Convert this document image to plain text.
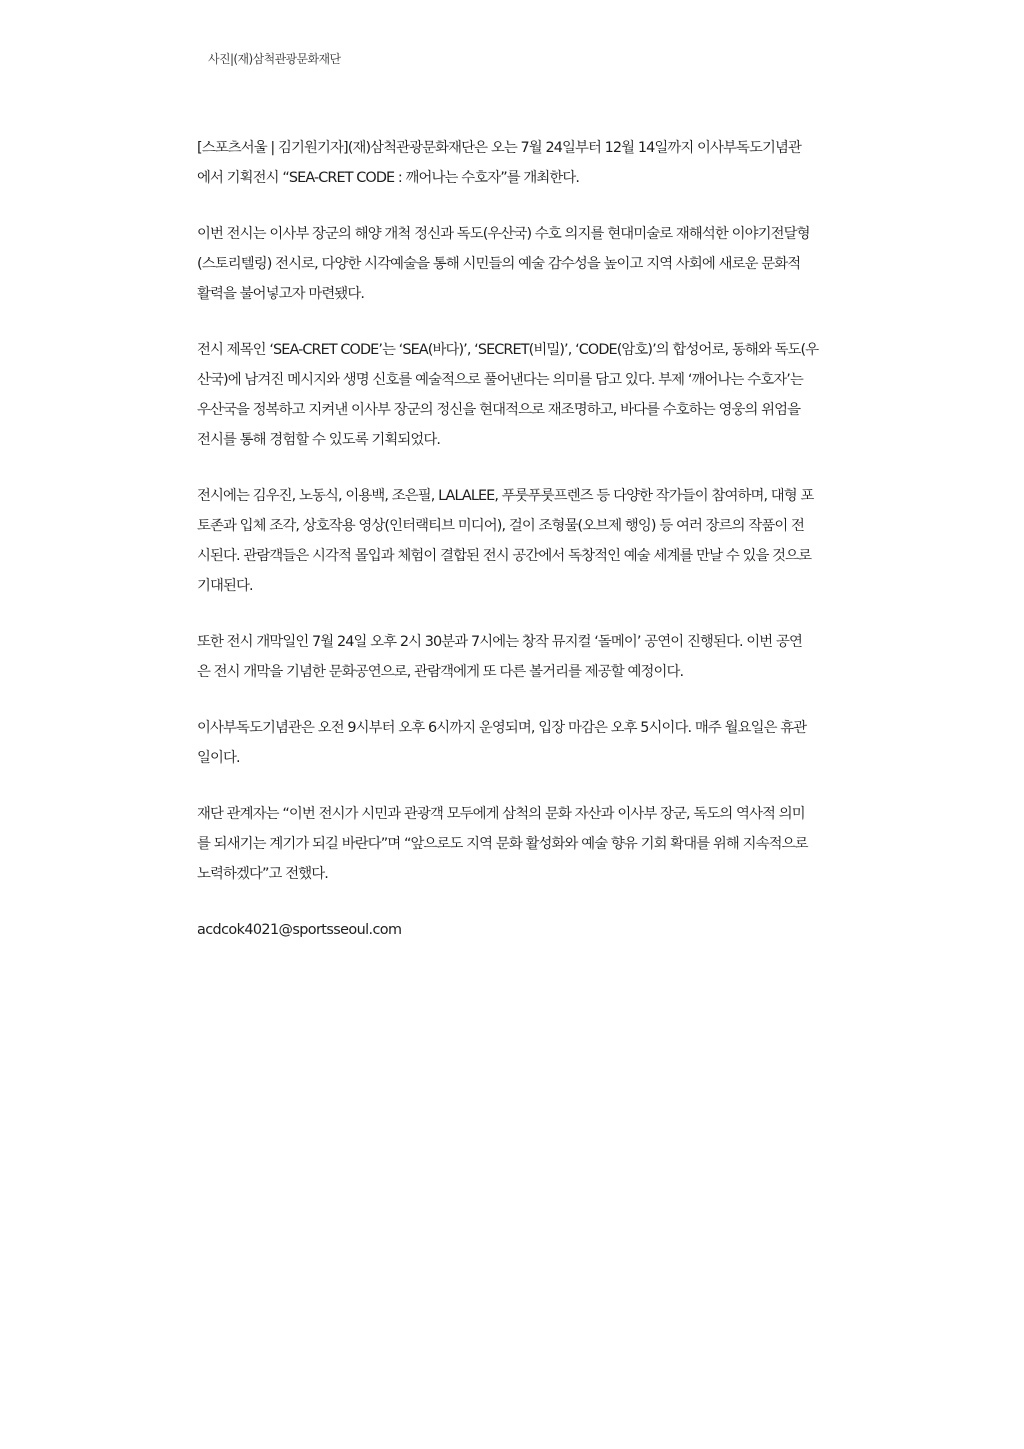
사진|(재)삼척관광문화재단

[스포츠서울 | 김기원기자](재)삼척관광문화재단은 오는 7월 24일부터 12월 14일까지 이사부독도기념관
에서 기획전시 “SEA-CRET CODE : 깨어나는 수호자”를 개최한다.

이번 전시는 이사부 장군의 해양 개척 정신과 독도(우산국) 수호 의지를 현대미술로 재해석한 이야기전달형
(스토리텔링) 전시로, 다양한 시각예술을 통해 시민들의 예술 감수성을 높이고 지역 사회에 새로운 문화적
활력을 불어넣고자 마련됐다.

전시 제목인 ‘SEA-CRET CODE’는 ‘SEA(바다)’, ‘SECRET(비밀)’, ‘CODE(암호)’의 합성어로, 동해와 독도(우
산국)에 남겨진 메시지와 생명 신호를 예술적으로 풀어낸다는 의미를 담고 있다. 부제 ‘깨어나는 수호자’는
우산국을 정복하고 지켜낸 이사부 장군의 정신을 현대적으로 재조명하고, 바다를 수호하는 영웅의 위엄을
전시를 통해 경험할 수 있도록 기획되었다.

전시에는 김우진, 노동식, 이용백, 조은필, LALALEE, 푸룻푸룻프렌즈 등 다양한 작가들이 참여하며, 대형 포
토존과 입체 조각, 상호작용 영상(인터랙티브 미디어), 걸이 조형물(오브제 행잉) 등 여러 장르의 작품이 전
시된다. 관람객들은 시각적 몰입과 체험이 결합된 전시 공간에서 독창적인 예술 세계를 만날 수 있을 것으로
기대된다.

또한 전시 개막일인 7월 24일 오후 2시 30분과 7시에는 창작 뮤지컬 ‘돌메이’ 공연이 진행된다. 이번 공연
은 전시 개막을 기념한 문화공연으로, 관람객에게 또 다른 볼거리를 제공할 예정이다.

이사부독도기념관은 오전 9시부터 오후 6시까지 운영되며, 입장 마감은 오후 5시이다. 매주 월요일은 휴관
일이다.

재단 관계자는 “이번 전시가 시민과 관광객 모두에게 삼척의 문화 자산과 이사부 장군, 독도의 역사적 의미
를 되새기는 계기가 되길 바란다”며 “앞으로도 지역 문화 활성화와 예술 향유 기회 확대를 위해 지속적으로
노력하겠다”고 전했다.

acdcok4021@sportsseoul.com
